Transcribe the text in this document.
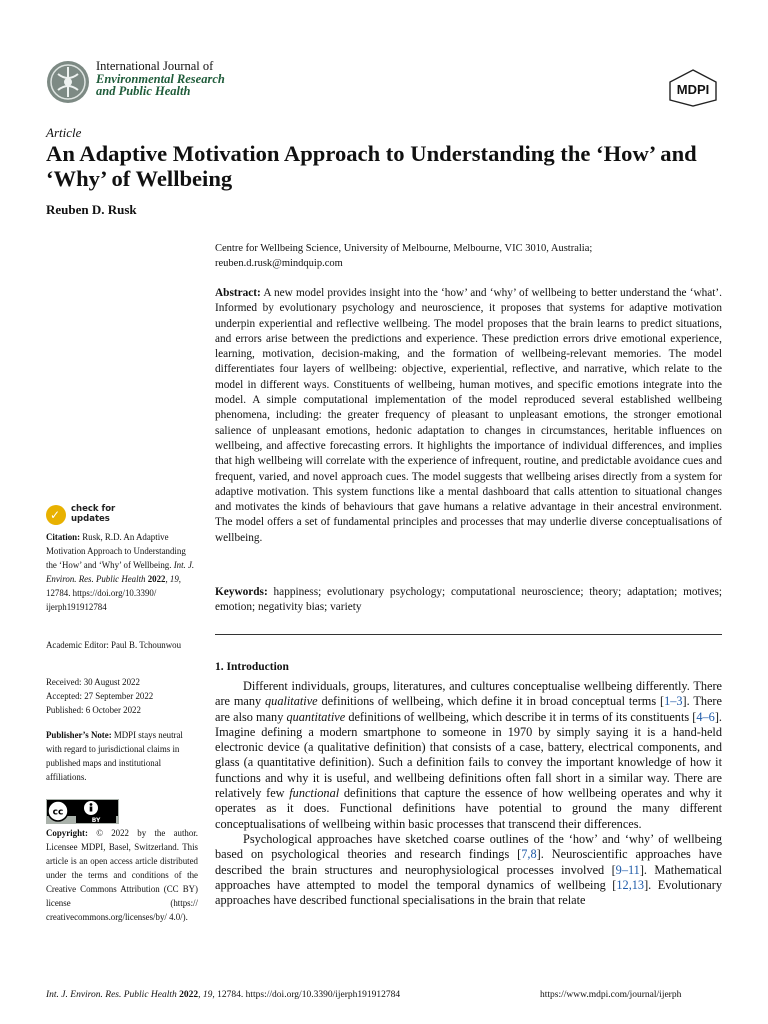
International Journal of
Environmental Research
and Public Health	MDPI
Article
An Adaptive Motivation Approach to Understanding the ‘How’ and ‘Why’ of Wellbeing
Reuben D. Rusk
Centre for Wellbeing Science, University of Melbourne, Melbourne, VIC 3010, Australia;
reuben.d.rusk@mindquip.com
Abstract: A new model provides insight into the ‘how’ and ‘why’ of wellbeing to better understand the ‘what’. Informed by evolutionary psychology and neuroscience, it proposes that systems for adaptive motivation underpin experiential and reflective wellbeing. The model proposes that the brain learns to predict situations, and errors arise between the predictions and experience. These prediction errors drive emotional experience, learning, motivation, decision-making, and the formation of wellbeing-relevant memories. The model differentiates four layers of wellbeing: objective, experiential, reflective, and narrative, which relate to the model in different ways. Constituents of wellbeing, human motives, and specific emotions integrate into the model. A simple computational implementation of the model reproduced several established wellbeing phenomena, including: the greater frequency of pleasant to unpleasant emotions, the stronger emotional salience of unpleasant emotions, hedonic adaptation to changes in circumstances, heritable influences on wellbeing, and affective forecasting errors. It highlights the importance of individual differences, and implies that high wellbeing will correlate with the experience of infrequent, routine, and predictable avoidance cues and frequent, varied, and novel approach cues. The model suggests that wellbeing arises directly from a system for adaptive motivation. This system functions like a mental dashboard that calls attention to situational changes and motivates the kinds of behaviours that gave humans a relative advantage in their ancestral environment. The model offers a set of fundamental principles and processes that may underlie diverse conceptualisations of wellbeing.
Keywords: happiness; evolutionary psychology; computational neuroscience; theory; adaptation; motives; emotion; negativity bias; variety
1. Introduction

Different individuals, groups, literatures, and cultures conceptualise wellbeing differently. There are many qualitative definitions of wellbeing, which define it in broad conceptual terms [1–3]. There are also many quantitative definitions of wellbeing, which describe it in terms of its constituents [4–6]. Imagine defining a modern smartphone to someone in 1970 by simply saying it is a hand-held electronic device (a qualitative definition) that consists of a case, battery, electrical components, and glass (a quantitative definition). Such a definition fails to convey the important knowledge of how it functions and why it is useful, and wellbeing definitions often fall short in a similar way. There are relatively few functional definitions that capture the essence of how wellbeing operates and why it operates as it does. Functional definitions have potential to ground the many different conceptualisations of wellbeing within basic processes that transcend their differences.

Psychological approaches have sketched coarse outlines of the ‘how’ and ‘why’ of wellbeing based on psychological theories and research findings [7,8]. Neuroscientific approaches have described the brain structures and neurophysiological processes involved [9–11]. Mathematical approaches have attempted to model the temporal dynamics of wellbeing [12,13]. Evolutionary approaches have described functional specialisations in the brain that relate

✓ check for
updates
Citation: Rusk, R.D. An Adaptive Motivation Approach to Understanding the ‘How’ and ‘Why’ of Wellbeing. Int. J. Environ. Res. Public Health 2022, 19, 12784. https://doi.org/10.3390/ ijerph191912784
Academic Editor: Paul B. Tchounwou
Received: 30 August 2022
Accepted: 27 September 2022
Published: 6 October 2022
Publisher’s Note: MDPI stays neutral with regard to jurisdictional claims in published maps and institutional affiliations.
cc
BY
Copyright: © 2022 by the author. Licensee MDPI, Basel, Switzerland. This article is an open access article distributed under the terms and conditions of the Creative Commons Attribution (CC BY) license (https:// creativecommons.org/licenses/by/ 4.0/).
Int. J. Environ. Res. Public Health 2022, 19, 12784. https://doi.org/10.3390/ijerph191912784	https://www.mdpi.com/journal/ijerph
